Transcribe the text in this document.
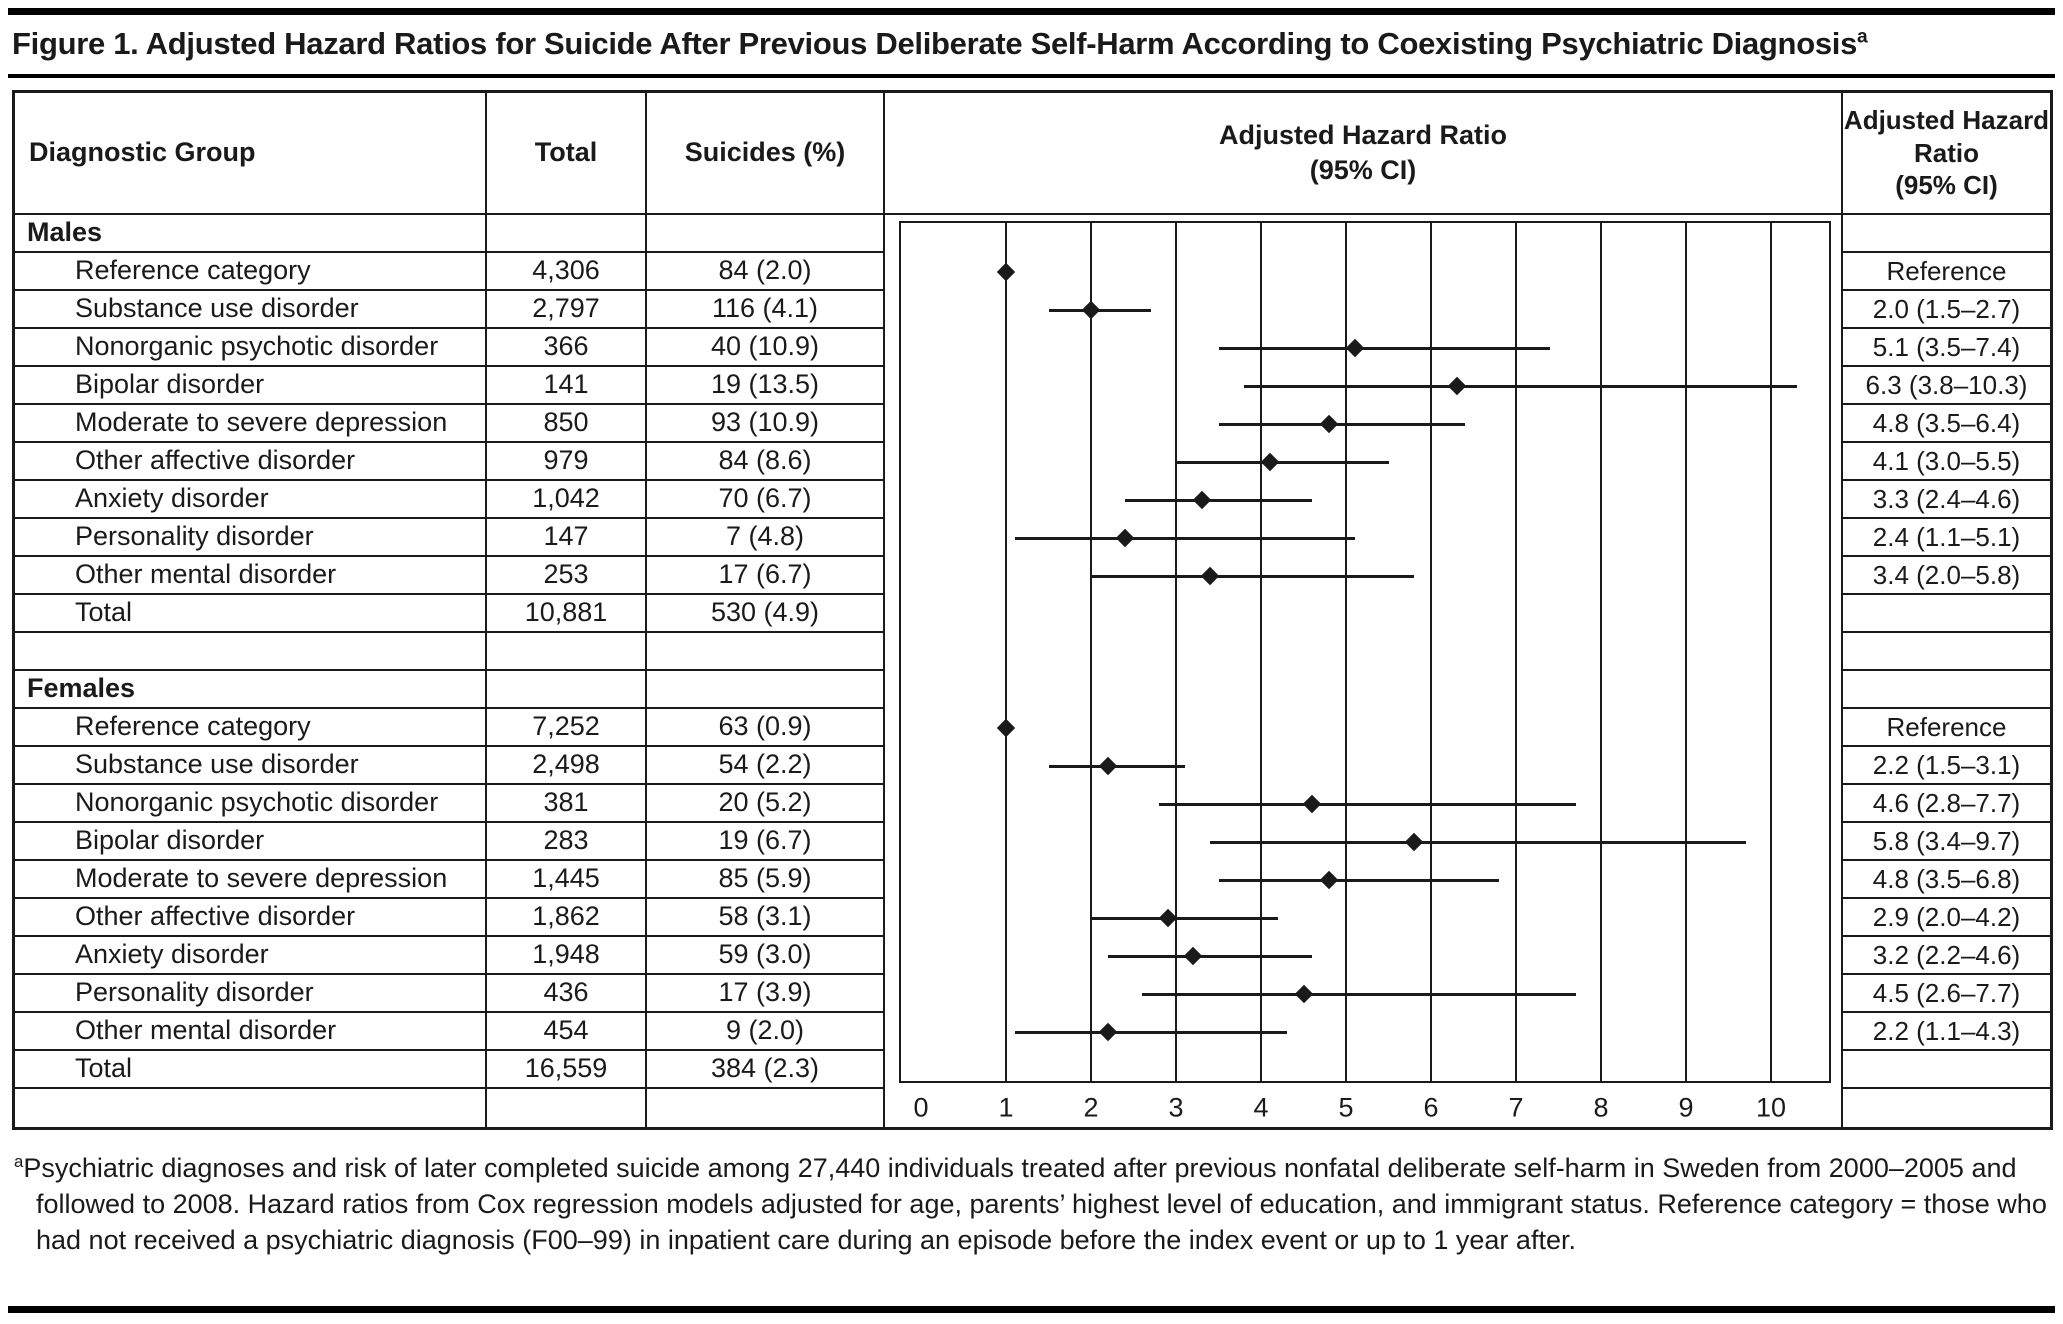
Figure 1. Adjusted Hazard Ratios for Suicide After Previous Deliberate Self-Harm According to Coexisting Psychiatric Diagnosis$^a$
Diagnostic Group	Total	Suicides (%)
Adjusted Hazard Ratio
(95% CI)
Adjusted Hazard
Ratio
(95% CI)
Males
Reference category	4,306	84 (2.0)	Reference
Substance use disorder	2,797	116 (4.1)	2.0 (1.5–2.7)
Nonorganic psychotic disorder	366	40 (10.9)	5.1 (3.5–7.4)
Bipolar disorder	141	19 (13.5)	6.3 (3.8–10.3)
Moderate to severe depression	850	93 (10.9)	4.8 (3.5–6.4)
Other affective disorder	979	84 (8.6)	4.1 (3.0–5.5)
Anxiety disorder	1,042	70 (6.7)	3.3 (2.4–4.6)
Personality disorder	147	7 (4.8)	2.4 (1.1–5.1)
Other mental disorder	253	17 (6.7)	3.4 (2.0–5.8)
Total	10,881	530 (4.9)
Females
Reference category	7,252	63 (0.9)	Reference
Substance use disorder	2,498	54 (2.2)	2.2 (1.5–3.1)
Nonorganic psychotic disorder	381	20 (5.2)	4.6 (2.8–7.7)
Bipolar disorder	283	19 (6.7)	5.8 (3.4–9.7)
Moderate to severe depression	1,445	85 (5.9)	4.8 (3.5–6.8)
Other affective disorder	1,862	58 (3.1)	2.9 (2.0–4.2)
Anxiety disorder	1,948	59 (3.0)	3.2 (2.2–4.6)
Personality disorder	436	17 (3.9)	4.5 (2.6–7.7)
Other mental disorder	454	9 (2.0)	2.2 (1.1–4.3)
Total	16,559	384 (2.3)
0	1	2	3	4	5	6	7	8	9 10
$^a$Psychiatric diagnoses and risk of later completed suicide among 27,440 individuals treated after previous nonfatal deliberate self-harm in Sweden from 2000–2005 and followed to 2008. Hazard ratios from Cox regression models adjusted for age, parents’ highest level of education, and immigrant status. Reference category = those who had not received a psychiatric diagnosis (F00–99) in inpatient care during an episode before the index event or up to 1 year after.
